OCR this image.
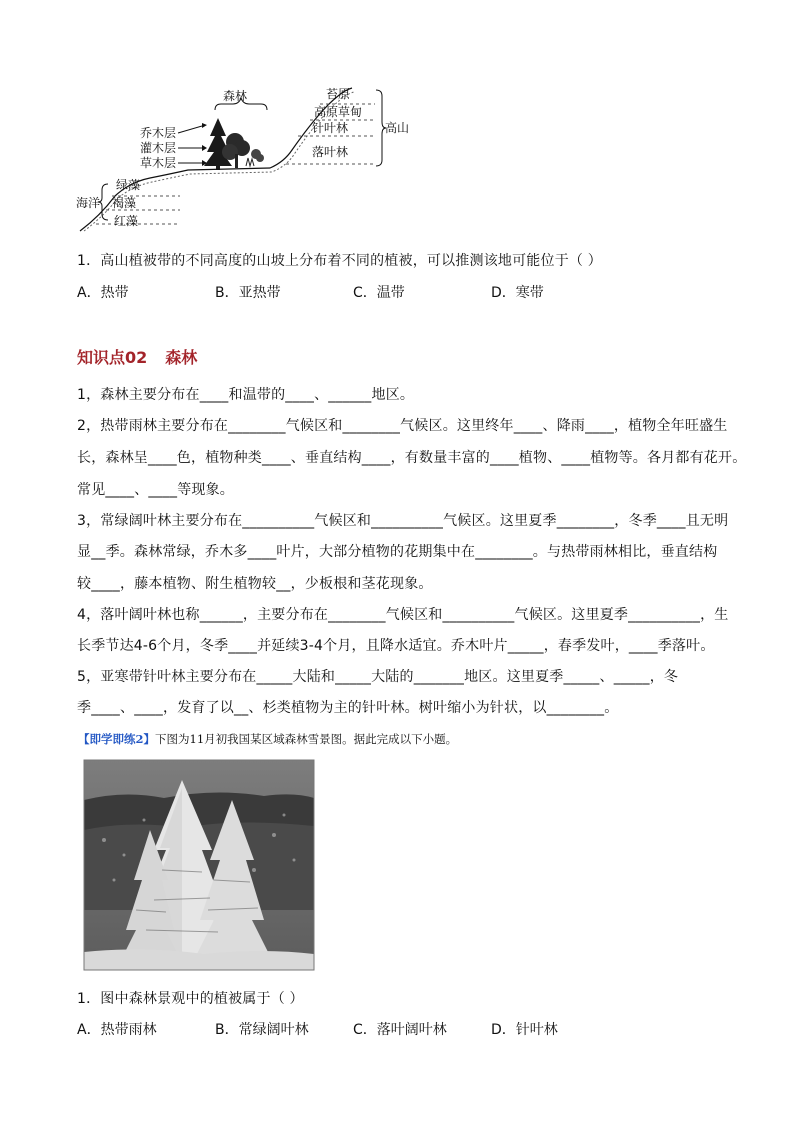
森林
乔木层
灌木层
草木层
绿藻
褐藻
红藻
海洋
苔原
高原草甸
针叶林
落叶林
高山
1．高山植被带的不同高度的山坡上分布着不同的植被，可以推测该地可能位于（ ）
A．热带	B．亚热带	C．温带	D．寒带
知识点02 森林
1，森林主要分布在____和温带的____、______地区。
2，热带雨林主要分布在________气候区和________气候区。这里终年____、降雨____，植物全年旺盛生
长，森林呈____色，植物种类____、垂直结构____，有数量丰富的____植物、____植物等。各月都有花开。
常见____、____等现象。
3，常绿阔叶林主要分布在__________气候区和__________气候区。这里夏季________，冬季____且无明
显__季。森林常绿，乔木多____叶片，大部分植物的花期集中在________。与热带雨林相比，垂直结构
较____，藤本植物、附生植物较__，少板根和茎花现象。
4，落叶阔叶林也称______，主要分布在________气候区和__________气候区。这里夏季__________，生
长季节达4-6个月，冬季____并延续3-4个月，且降水适宜。乔木叶片_____，春季发叶，____季落叶。
5，亚寒带针叶林主要分布在_____大陆和_____大陆的_______地区。这里夏季_____、_____，冬
季____、____，发育了以__、杉类植物为主的针叶林。树叶缩小为针状，以________。
【即学即练2】下图为11月初我国某区域森林雪景图。据此完成以下小题。
1．图中森林景观中的植被属于（ ）
A．热带雨林	B．常绿阔叶林	C．落叶阔叶林	D．针叶林
